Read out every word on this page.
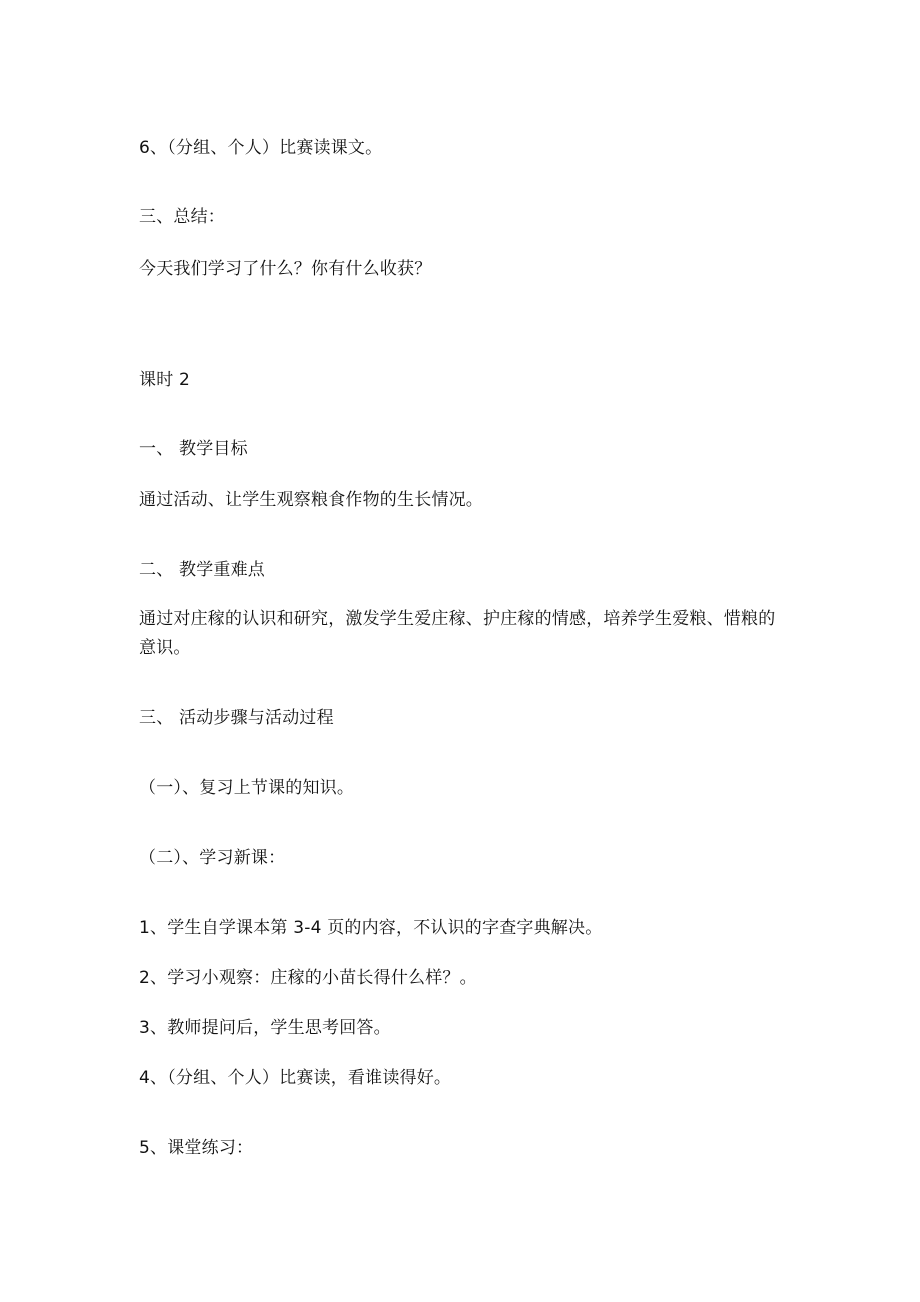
6、（分组、个人）比赛读课文。
三、总结：
今天我们学习了什么？你有什么收获？
课时 2
一、 教学目标
通过活动、让学生观察粮食作物的生长情况。
二、 教学重难点
通过对庄稼的认识和研究，激发学生爱庄稼、护庄稼的情感，培养学生爱粮、惜粮的
意识。
三、 活动步骤与活动过程
（一）、复习上节课的知识。
（二）、学习新课：
1、学生自学课本第 3-4 页的内容，不认识的字查字典解决。
2、学习小观察：庄稼的小苗长得什么样？。
3、教师提问后，学生思考回答。
4、（分组、个人）比赛读，看谁读得好。
5、课堂练习：
